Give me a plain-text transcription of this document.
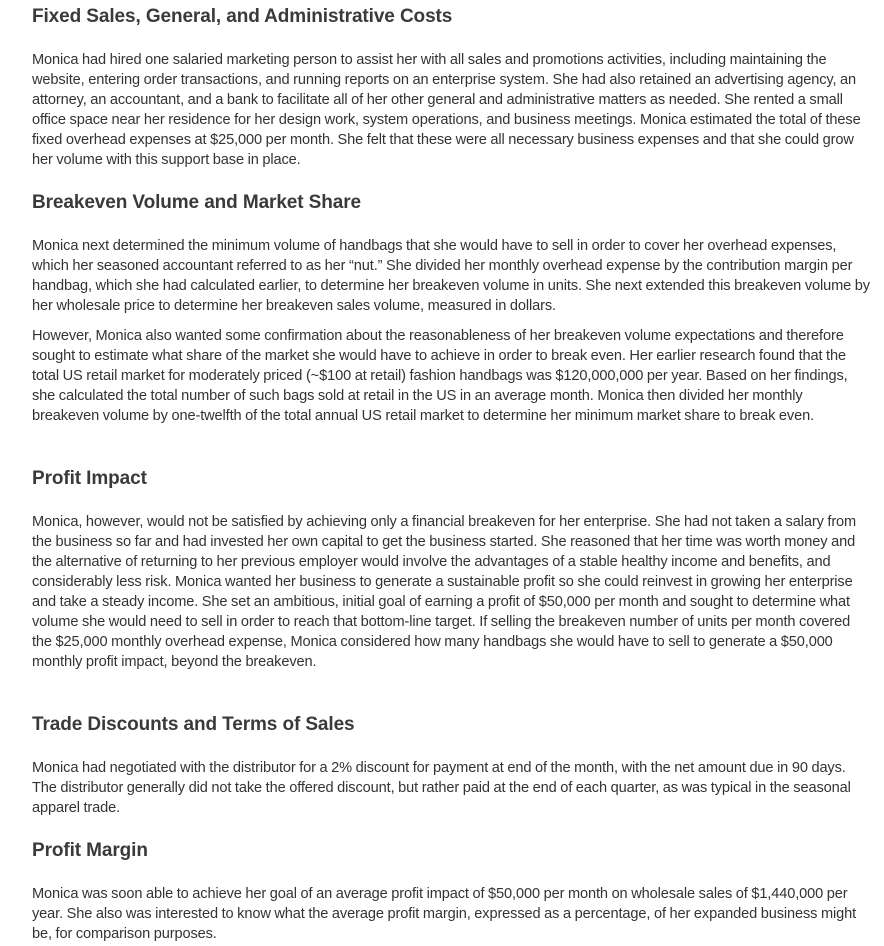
Fixed Sales, General, and Administrative Costs

Monica had hired one salaried marketing person to assist her with all sales and promotions activities, including maintaining the website, entering order transactions, and running reports on an enterprise system. She had also retained an advertising agency, an attorney, an accountant, and a bank to facilitate all of her other general and administrative matters as needed. She rented a small office space near her residence for her design work, system operations, and business meetings. Monica estimated the total of these fixed overhead expenses at $25,000 per month. She felt that these were all necessary business expenses and that she could grow her volume with this support base in place.

Breakeven Volume and Market Share

Monica next determined the minimum volume of handbags that she would have to sell in order to cover her overhead expenses, which her seasoned accountant referred to as her “nut.” She divided her monthly overhead expense by the contribution margin per handbag, which she had calculated earlier, to determine her breakeven volume in units. She next extended this breakeven volume by her wholesale price to determine her breakeven sales volume, measured in dollars.

However, Monica also wanted some confirmation about the reasonableness of her breakeven volume expectations and therefore sought to estimate what share of the market she would have to achieve in order to break even. Her earlier research found that the total US retail market for moderately priced (~$100 at retail) fashion handbags was $120,000,000 per year. Based on her findings, she calculated the total number of such bags sold at retail in the US in an average month. Monica then divided her monthly breakeven volume by one-twelfth of the total annual US retail market to determine her minimum market share to break even.

Profit Impact

Monica, however, would not be satisfied by achieving only a financial breakeven for her enterprise. She had not taken a salary from the business so far and had invested her own capital to get the business started. She reasoned that her time was worth money and the alternative of returning to her previous employer would involve the advantages of a stable healthy income and benefits, and considerably less risk. Monica wanted her business to generate a sustainable profit so she could reinvest in growing her enterprise and take a steady income. She set an ambitious, initial goal of earning a profit of $50,000 per month and sought to determine what volume she would need to sell in order to reach that bottom-line target. If selling the breakeven number of units per month covered the $25,000 monthly overhead expense, Monica considered how many handbags she would have to sell to generate a $50,000 monthly profit impact, beyond the breakeven.

Trade Discounts and Terms of Sales

Monica had negotiated with the distributor for a 2% discount for payment at end of the month, with the net amount due in 90 days. The distributor generally did not take the offered discount, but rather paid at the end of each quarter, as was typical in the seasonal apparel trade.

Profit Margin

Monica was soon able to achieve her goal of an average profit impact of $50,000 per month on wholesale sales of $1,440,000 per year. She also was interested to know what the average profit margin, expressed as a percentage, of her expanded business might be, for comparison purposes.
